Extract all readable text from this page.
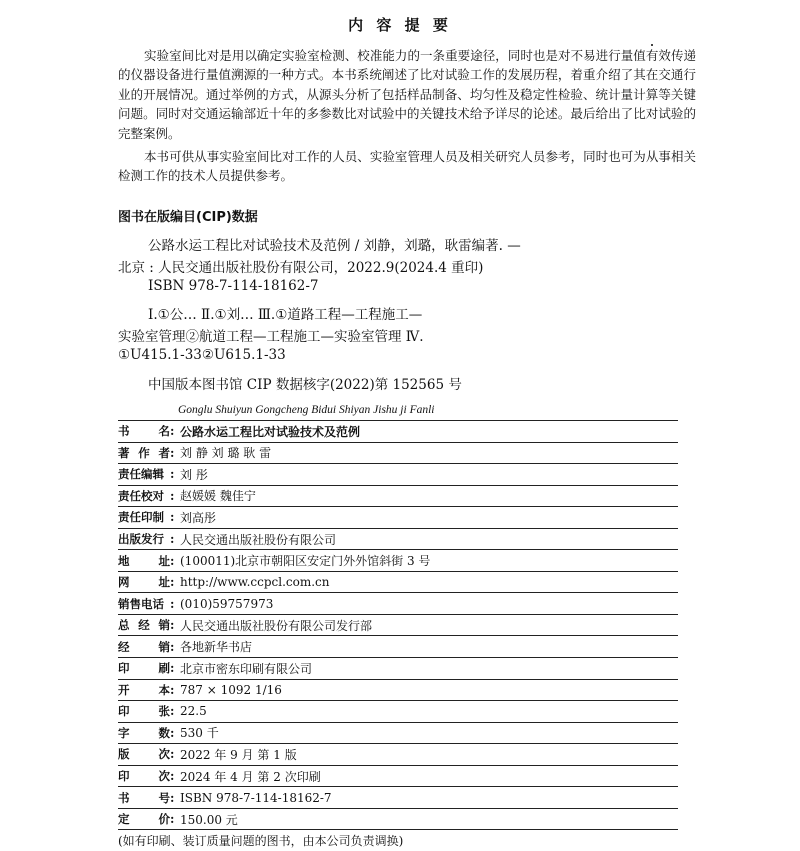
内 容 提 要

实验室间比对是用以确定实验室检测、校准能力的一条重要途径，同时也是对不易进行量值有效传递的仪器设备进行量值溯源的一种方式。本书系统阐述了比对试验工作的发展历程，着重介绍了其在交通行业的开展情况。通过举例的方式，从源头分析了包括样品制备、均匀性及稳定性检验、统计量计算等关键问题。同时对交通运输部近十年的多参数比对试验中的关键技术给予详尽的论述。最后给出了比对试验的完整案例。

本书可供从事实验室间比对工作的人员、实验室管理人员及相关研究人员参考，同时也可为从事相关检测工作的技术人员提供参考。

图书在版编目(CIP)数据
公路水运工程比对试验技术及范例 / 刘静，刘璐，耿雷编著. —
北京 : 人民交通出版社股份有限公司，2022.9(2024.4 重印)
ISBN 978-7-114-18162-7
Ⅰ.①公… Ⅱ.①刘… Ⅲ.①道路工程—工程施工—
实验室管理②航道工程—工程施工—实验室管理 Ⅳ.
①U415.1-33②U615.1-33
中国版本图书馆 CIP 数据核字(2022)第 152565 号
Gonglu Shuiyun Gongcheng Bidui Shiyan Jishu ji Fanli
书	名 : 公路水运工程比对试验技术及范例
著 作 者 : 刘 静 刘 璐 耿 雷
责任编辑 : 刘 彤
责任校对 : 赵媛媛 魏佳宁
责任印制 : 刘高彤
出版发行 : 人民交通出版社股份有限公司
地	址 : (100011)北京市朝阳区安定门外外馆斜街 3 号
网	址 : http://www.ccpcl.com.cn
销售电话 : (010)59757973
总 经 销 : 人民交通出版社股份有限公司发行部
经	销 : 各地新华书店
印	刷 : 北京市密东印刷有限公司
开	本 : 787 × 1092 1/16
印	张 : 22.5
字	数 : 530 千
版	次 : 2022 年 9 月 第 1 版
印	次 : 2024 年 4 月 第 2 次印刷
书	号 : ISBN 978-7-114-18162-7
定	价 : 150.00 元
(如有印刷、装订质量问题的图书，由本公司负责调换)
